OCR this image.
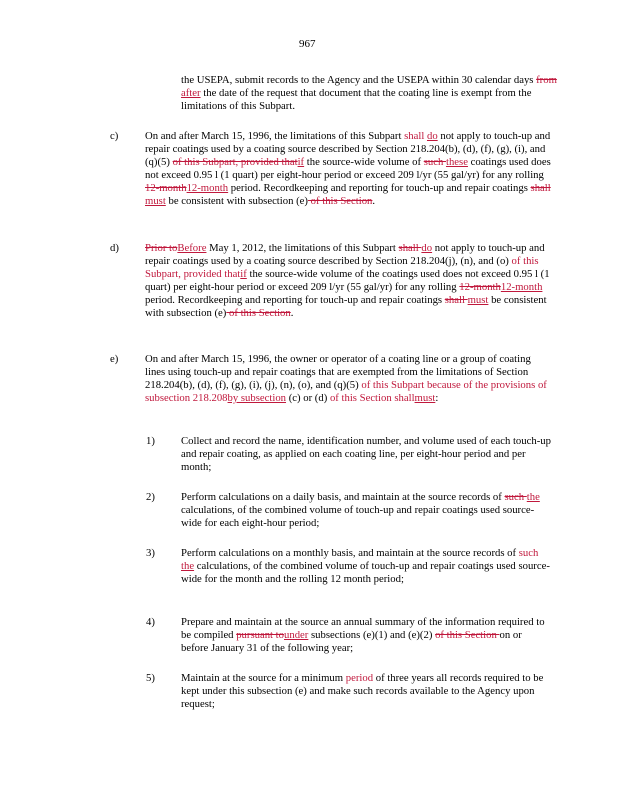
967

the USEPA, submit records to the Agency and the USEPA within 30 calendar days from after the date of the request that document that the coating line is exempt from the limitations of this Subpart.

c) On and after March 15, 1996, the limitations of this Subpart shall do not apply to touch-up and repair coatings used by a coating source described by Section 218.204(b), (d), (f), (g), (i), and (q)(5) of this Subpart, provided thatif the source-wide volume of such these coatings used does not exceed 0.95 l (1 quart) per eight-hour period or exceed 209 l/yr (55 gal/yr) for any rolling 12-month12-month period. Recordkeeping and reporting for touch-up and repair coatings shall must be consistent with subsection (e) of this Section.

d) Prior toBefore May 1, 2012, the limitations of this Subpart shall do not apply to touch-up and repair coatings used by a coating source described by Section 218.204(j), (n), and (o) of this Subpart, provided thatif the source-wide volume of the coatings used does not exceed 0.95 l (1 quart) per eight-hour period or exceed 209 l/yr (55 gal/yr) for any rolling 12-month12-month period. Recordkeeping and reporting for touch-up and repair coatings shall must be consistent with subsection (e) of this Section.

e) On and after March 15, 1996, the owner or operator of a coating line or a group of coating lines using touch-up and repair coatings that are exempted from the limitations of Section 218.204(b), (d), (f), (g), (i), (j), (n), (o), and (q)(5) of this Subpart because of the provisions of subsection 218.208by subsection (c) or (d) of this Section shallmust:

1) Collect and record the name, identification number, and volume used of each touch-up and repair coating, as applied on each coating line, per eight-hour period and per month;

2) Perform calculations on a daily basis, and maintain at the source records of such the calculations, of the combined volume of touch-up and repair coatings used source-wide for each eight-hour period;

3) Perform calculations on a monthly basis, and maintain at the source records of such the calculations, of the combined volume of touch-up and repair coatings used source-wide for the month and the rolling 12 month period;

4) Prepare and maintain at the source an annual summary of the information required to be compiled pursuant tounder subsections (e)(1) and (e)(2) of this Section on or before January 31 of the following year;

5) Maintain at the source for a minimum period of three years all records required to be kept under this subsection (e) and make such records available to the Agency upon request;
